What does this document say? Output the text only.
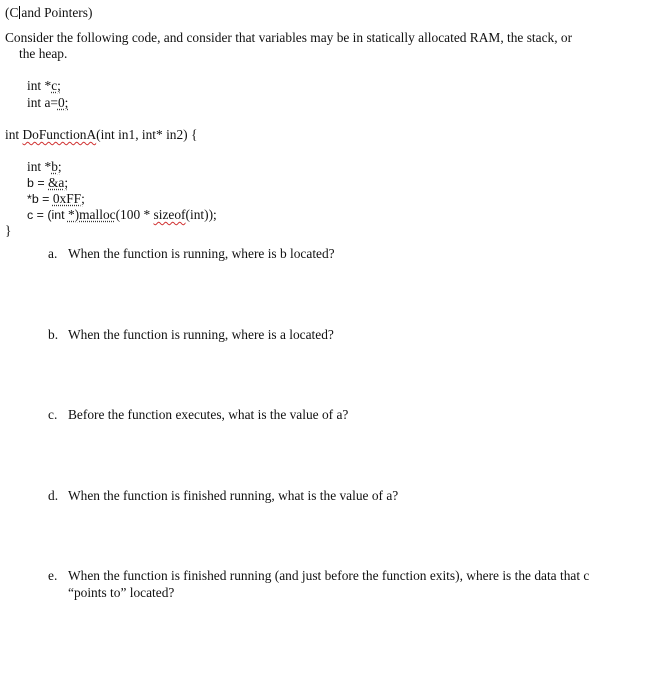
(C and Pointers)
Consider the following code, and consider that variables may be in statically allocated RAM, the stack, or
the heap.
int *c;
int a=0;
int DoFunctionA(int in1, int* in2) {
int *b;
b = &a;
*b = 0xFF;
c = (int *)malloc(100 * sizeof(int));
}
a. When the function is running, where is b located?
b. When the function is running, where is a located?
c. Before the function executes, what is the value of a?
d. When the function is finished running, what is the value of a?
e. When the function is finished running (and just before the function exits), where is the data that c
“points to” located?
